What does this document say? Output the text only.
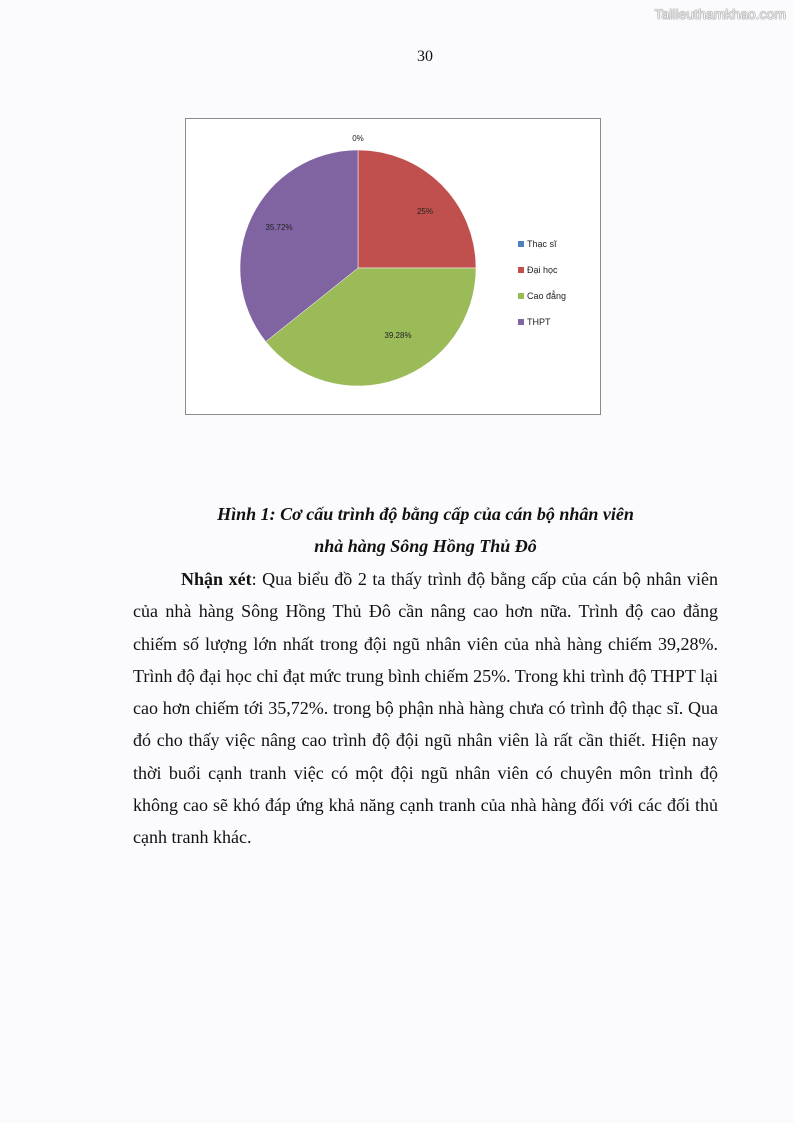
Tailieuthamkhao.com
30
0%
25%
39.28%
35.72%
Thạc sĩ
Đại học
Cao đẳng
THPT
Hình 1: Cơ cấu trình độ bằng cấp của cán bộ nhân viên
nhà hàng Sông Hồng Thủ Đô
Nhận xét: Qua biểu đồ 2 ta thấy trình độ bằng cấp của cán bộ nhân viên của nhà hàng Sông Hồng Thủ Đô cần nâng cao hơn nữa. Trình độ cao đẳng chiếm số lượng lớn nhất trong đội ngũ nhân viên của nhà hàng chiếm 39,28%. Trình độ đại học chỉ đạt mức trung bình chiếm 25%. Trong khi trình độ THPT lại cao hơn chiếm tới 35,72%. trong bộ phận nhà hàng chưa có trình độ thạc sĩ. Qua đó cho thấy việc nâng cao trình độ đội ngũ nhân viên là rất cần thiết. Hiện nay thời buổi cạnh tranh việc có một đội ngũ nhân viên có chuyên môn trình độ không cao sẽ khó đáp ứng khả năng cạnh tranh của nhà hàng đối với các đối thủ cạnh tranh khác.
